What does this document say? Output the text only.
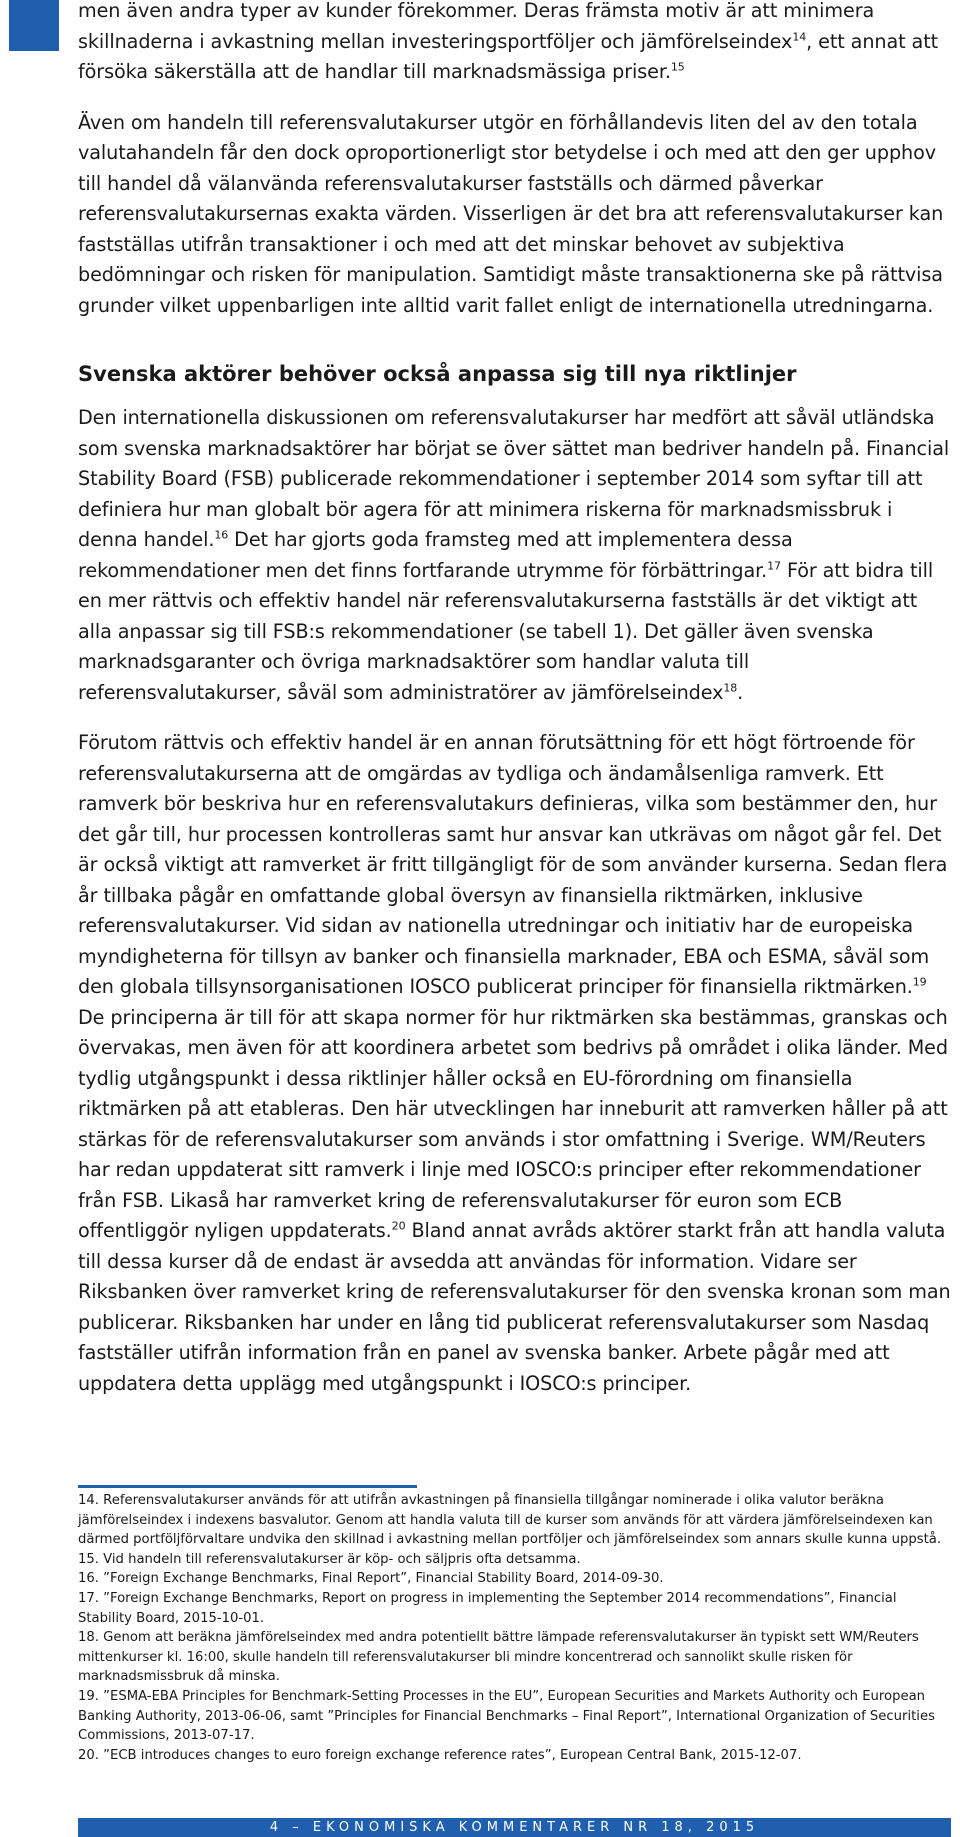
men även andra typer av kunder förekommer. Deras främsta motiv är att minimera skillnaderna i avkastning mellan investeringsportföljer och jämförelseindex$^{14}$, ett annat att försöka säkerställa att de handlar till marknadsmässiga priser.$^{15}$

Även om handeln till referensvalutakurser utgör en förhållandevis liten del av den totala valutahandeln får den dock oproportionerligt stor betydelse i och med att den ger upphov till handel då välanvända referensvalutakurser fastställs och därmed påverkar referensvalutakursernas exakta värden. Visserligen är det bra att referensvalutakurser kan fastställas utifrån transaktioner i och med att det minskar behovet av subjektiva bedömningar och risken för manipulation. Samtidigt måste transaktionerna ske på rättvisa grunder vilket uppenbarligen inte alltid varit fallet enligt de internationella utredningarna.

Svenska aktörer behöver också anpassa sig till nya riktlinjer

Den internationella diskussionen om referensvalutakurser har medfört att såväl utländska som svenska marknadsaktörer har börjat se över sättet man bedriver handeln på. Financial Stability Board (FSB) publicerade rekommendationer i september 2014 som syftar till att definiera hur man globalt bör agera för att minimera riskerna för marknadsmissbruk i denna handel.$^{16}$ Det har gjorts goda framsteg med att implementera dessa rekommendationer men det finns fortfarande utrymme för förbättringar.$^{17}$ För att bidra till en mer rättvis och effektiv handel när referensvalutakurserna fastställs är det viktigt att alla anpassar sig till FSB:s rekommendationer (se tabell 1). Det gäller även svenska marknadsgaranter och övriga marknadsaktörer som handlar valuta till referensvalutakurser, såväl som administratörer av jämförelseindex$^{18}$.

Förutom rättvis och effektiv handel är en annan förutsättning för ett högt förtroende för referensvalutakurserna att de omgärdas av tydliga och ändamålsenliga ramverk. Ett ramverk bör beskriva hur en referensvalutakurs definieras, vilka som bestämmer den, hur det går till, hur processen kontrolleras samt hur ansvar kan utkrävas om något går fel. Det är också viktigt att ramverket är fritt tillgängligt för de som använder kurserna. Sedan flera år tillbaka pågår en omfattande global översyn av finansiella riktmärken, inklusive referensvalutakurser. Vid sidan av nationella utredningar och initiativ har de europeiska myndigheterna för tillsyn av banker och finansiella marknader, EBA och ESMA, såväl som den globala tillsynsorganisationen IOSCO publicerat principer för finansiella riktmärken.$^{19}$ De principerna är till för att skapa normer för hur riktmärken ska bestämmas, granskas och övervakas, men även för att koordinera arbetet som bedrivs på området i olika länder. Med tydlig utgångspunkt i dessa riktlinjer håller också en EU-förordning om finansiella riktmärken på att etableras. Den här utvecklingen har inneburit att ramverken håller på att stärkas för de referensvalutakurser som används i stor omfattning i Sverige. WM/Reuters har redan uppdaterat sitt ramverk i linje med IOSCO:s principer efter rekommendationer från FSB. Likaså har ramverket kring de referensvalutakurser för euron som ECB offentliggör nyligen uppdaterats.$^{20}$ Bland annat avråds aktörer starkt från att handla valuta till dessa kurser då de endast är avsedda att användas för information. Vidare ser Riksbanken över ramverket kring de referensvalutakurser för den svenska kronan som man publicerar. Riksbanken har under en lång tid publicerat referensvalutakurser som Nasdaq fastställer utifrån information från en panel av svenska banker. Arbete pågår med att uppdatera detta upplägg med utgångspunkt i IOSCO:s principer.

14. Referensvalutakurser används för att utifrån avkastningen på finansiella tillgångar nominerade i olika valutor beräkna jämförelseindex i indexens basvalutor. Genom att handla valuta till de kurser som används för att värdera jämförelseindexen kan därmed portföljförvaltare undvika den skillnad i avkastning mellan portföljer och jämförelseindex som annars skulle kunna uppstå.

15. Vid handeln till referensvalutakurser är köp- och säljpris ofta detsamma.

16. ”Foreign Exchange Benchmarks, Final Report”, Financial Stability Board, 2014-09-30.

17. ”Foreign Exchange Benchmarks, Report on progress in implementing the September 2014 recommendations”, Financial Stability Board, 2015-10-01.

18. Genom att beräkna jämförelseindex med andra potentiellt bättre lämpade referensvalutakurser än typiskt sett WM/Reuters mittenkurser kl. 16:00, skulle handeln till referensvalutakurser bli mindre koncentrerad och sannolikt skulle risken för marknadsmissbruk då minska.

19. ”ESMA-EBA Principles for Benchmark-Setting Processes in the EU”, European Securities and Markets Authority och European Banking Authority, 2013-06-06, samt ”Principles for Financial Benchmarks – Final Report”, International Organization of Securities Commissions, 2013-07-17.

20. ”ECB introduces changes to euro foreign exchange reference rates”, European Central Bank, 2015-12-07.

4 – EKONOMISKA KOMMENTARER NR 18, 2015
